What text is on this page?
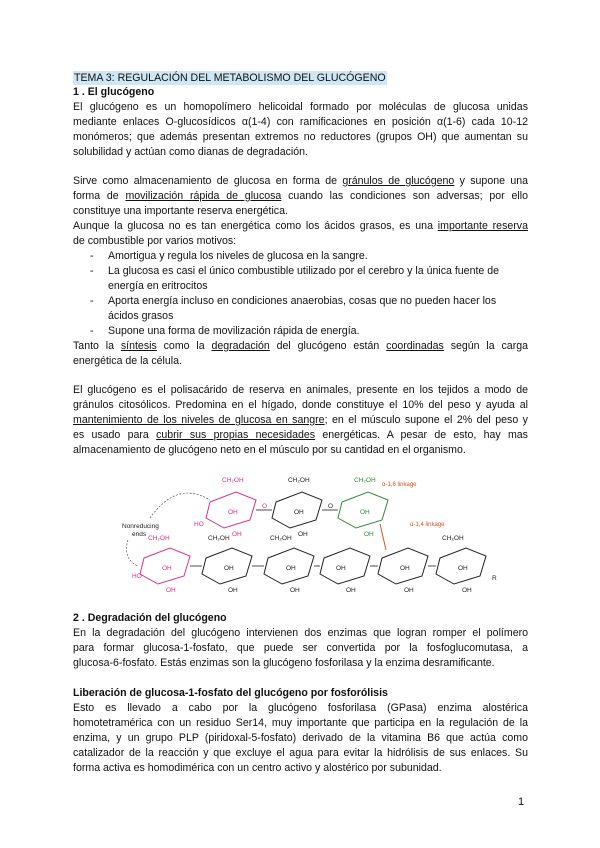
TEMA 3: REGULACIÓN DEL METABOLISMO DEL GLUCÓGENO
1 . El glucógeno
El glucógeno es un homopolímero helicoidal formado por moléculas de glucosa unidas
mediante enlaces O-glucosídicos α(1-4) con ramificaciones en posición α(1-6) cada 10-12
monómeros; que además presentan extremos no reductores (grupos OH) que aumentan su
solubilidad y actúan como dianas de degradación.
Sirve como almacenamiento de glucosa en forma de gránulos de glucógeno y supone una
forma de movilización rápida de glucosa cuando las condiciones son adversas; por ello
constituye una importante reserva energética.
Aunque la glucosa no es tan energética como los ácidos grasos, es una importante reserva
de combustible por varios motivos:
- Amortigua y regula los niveles de glucosa en la sangre.
- La glucosa es casi el único combustible utilizado por el cerebro y la única fuente de
energía en eritrocitos
- Aporta energía incluso en condiciones anaerobias, cosas que no pueden hacer los
ácidos grasos
- Supone una forma de movilización rápida de energía.
Tanto la síntesis como la degradación del glucógeno están coordinadas según la carga
energética de la célula.
El glucógeno es el polisacárido de reserva en animales, presente en los tejidos a modo de
gránulos citosólicos. Predomina en el hígado, donde constituye el 10% del peso y ayuda al
mantenimiento de los niveles de glucosa en sangre; en el músculo supone el 2% del peso y
es usado para cubrir sus propias necesidades energéticas. A pesar de esto, hay mas
almacenamiento de glucógeno neto en el músculo por su cantidad en el organismo.
Nonreducing
ends
CH₂OH
HO
OH
OH
O
CH₂OH
OH
OH
O
CH₂OH
OH
OH
α-1,6 linkage
α-1,4 linkage
CH₂OH
HO
OH
OH
CH₂OH
OH
OH
CH₂OH
OH
OH
OH
OH
OH
OH
CH₂OH
OH
OH
R
2 . Degradación del glucógeno
En la degradación del glucógeno intervienen dos enzimas que logran romper el polímero
para formar glucosa-1-fosfato, que puede ser convertida por la fosfoglucomutasa, a
glucosa-6-fosfato. Estás enzimas son la glucógeno fosforilasa y la enzima desramificante.
Liberación de glucosa-1-fosfato del glucógeno por fosforólisis
Esto es llevado a cabo por la glucógeno fosforilasa (GPasa) enzima alostérica
homotetramérica con un residuo Ser14, muy importante que participa en la regulación de la
enzima, y un grupo PLP (piridoxal-5-fosfato) derivado de la vitamina B6 que actúa como
catalizador de la reacción y que excluye el agua para evitar la hidrólisis de sus enlaces. Su
forma activa es homodimérica con un centro activo y alostérico por subunidad.
1
